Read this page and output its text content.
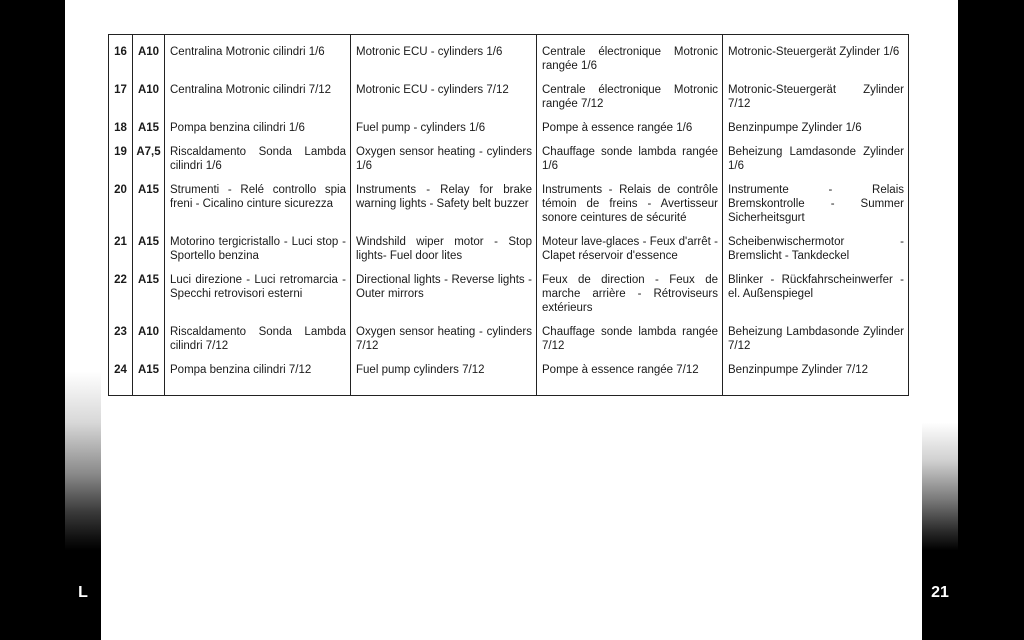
L
16	A10	Centralina Motronic cilindri 1/6	Motronic ECU - cylinders 1/6	Centrale électronique Motronic rangée 1/6	Motronic-Steuergerät Zylinder 1/6
17	A10	Centralina Motronic cilindri 7/12	Motronic ECU - cylinders 7/12	Centrale électronique Motronic rangée 7/12	Motronic-Steuergerät Zylinder 7/12
18	A15	Pompa benzina cilindri 1/6	Fuel pump - cylinders 1/6	Pompe à essence rangée 1/6	Benzinpumpe Zylinder 1/6
19	A7,5	Riscaldamento Sonda Lambda cilindri 1/6	Oxygen sensor heating - cylinders 1/6	Chauffage sonde lambda rangée 1/6	Beheizung Lamdasonde Zylinder 1/6
20	A15	Strumenti - Relé controllo spia freni - Cicalino cinture sicurezza	Instruments - Relay for brake warning lights - Safety belt buzzer	Instruments - Relais de contrôle témoin de freins - Avertisseur sonore ceintures de sécurité	Instrumente - Relais Bremskontrolle - Summer Sicherheitsgurt
21	A15	Motorino tergicristallo - Luci stop - Sportello benzina	Windshild wiper motor - Stop lights- Fuel door lites	Moteur lave-glaces - Feux d'arrêt - Clapet réservoir d'essence	Scheibenwischermotor - Bremslicht - Tankdeckel
22	A15	Luci direzione - Luci retromarcia - Specchi retrovisori esterni	Directional lights - Reverse lights - Outer mirrors	Feux de direction - Feux de marche arrière - Rétroviseurs extérieurs	Blinker - Rückfahrscheinwerfer - el. Außenspiegel
23	A10	Riscaldamento Sonda Lambda cilindri 7/12	Oxygen sensor heating - cylinders 7/12	Chauffage sonde lambda rangée 7/12	Beheizung Lambdasonde Zylinder 7/12
24	A15	Pompa benzina cilindri 7/12	Fuel pump cylinders 7/12	Pompe à essence rangée 7/12	Benzinpumpe Zylinder 7/12
21
